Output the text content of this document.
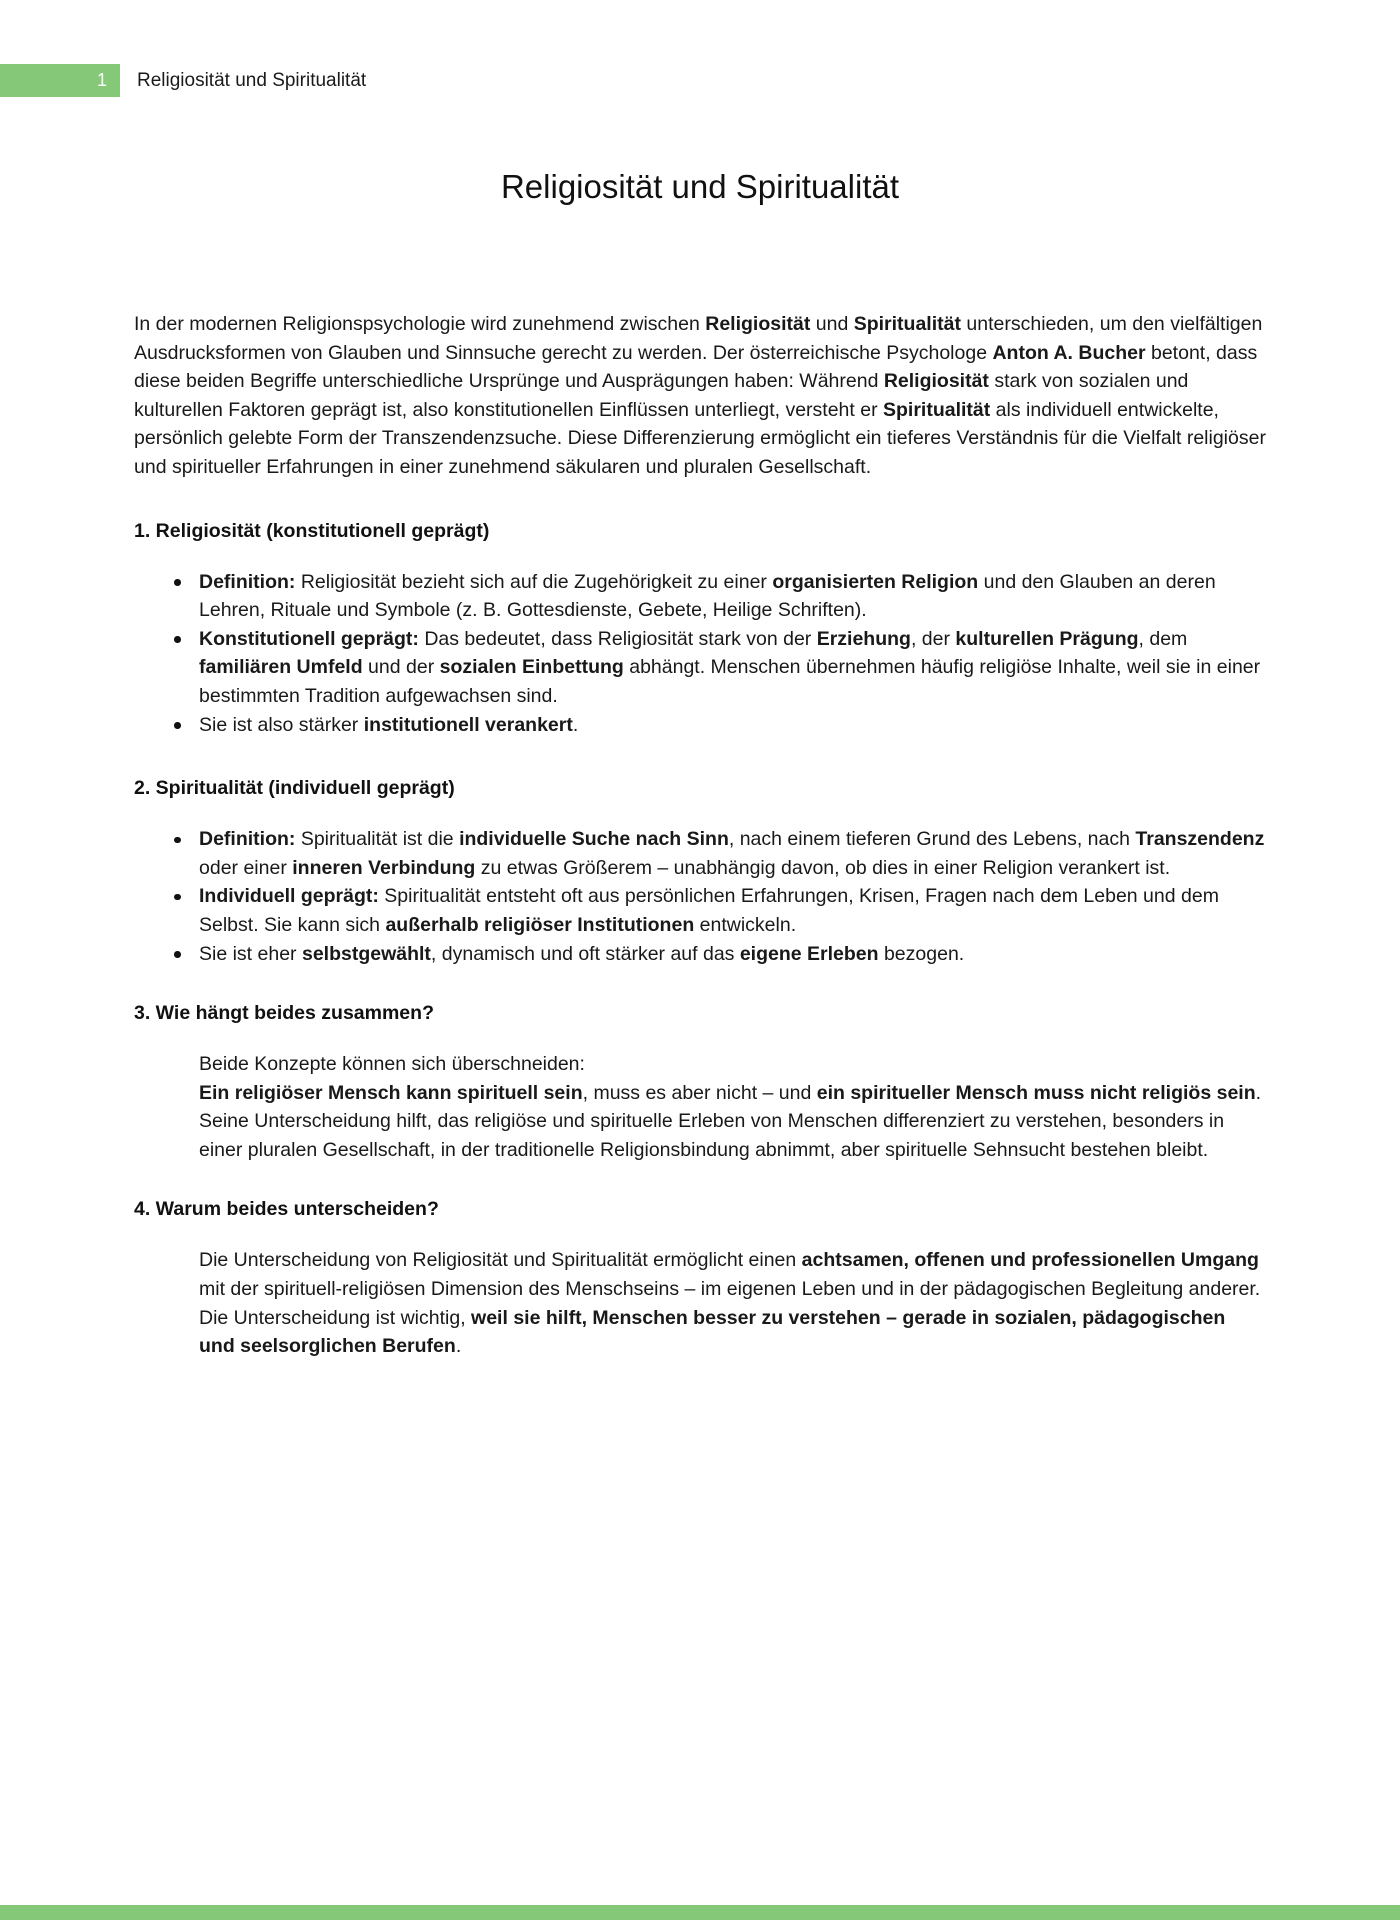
1 Religiosität und Spiritualität
Religiosität und Spiritualität

In der modernen Religionspsychologie wird zunehmend zwischen Religiosität und Spiritualität unterschieden, um den vielfältigen Ausdrucksformen von Glauben und Sinnsuche gerecht zu werden. Der österreichische Psychologe Anton A. Bucher betont, dass diese beiden Begriffe unterschiedliche Ursprünge und Ausprägungen haben: Während Religiosität stark von sozialen und kulturellen Faktoren geprägt ist, also konstitutionellen Einflüssen unterliegt, versteht er Spiritualität als individuell entwickelte, persönlich gelebte Form der Transzendenzsuche. Diese Differenzierung ermöglicht ein tieferes Verständnis für die Vielfalt religiöser und spiritueller Erfahrungen in einer zunehmend säkularen und pluralen Gesellschaft.

1. Religiosität (konstitutionell geprägt)
Definition: Religiosität bezieht sich auf die Zugehörigkeit zu einer organisierten Religion und den Glauben an deren Lehren, Rituale und Symbole (z. B. Gottesdienste, Gebete, Heilige Schriften).
Konstitutionell geprägt: Das bedeutet, dass Religiosität stark von der Erziehung, der kulturellen Prägung, dem familiären Umfeld und der sozialen Einbettung abhängt. Menschen übernehmen häufig religiöse Inhalte, weil sie in einer bestimmten Tradition aufgewachsen sind.
Sie ist also stärker institutionell verankert.
2. Spiritualität (individuell geprägt)
Definition: Spiritualität ist die individuelle Suche nach Sinn, nach einem tieferen Grund des Lebens, nach Transzendenz oder einer inneren Verbindung zu etwas Größerem – unabhängig davon, ob dies in einer Religion verankert ist.
Individuell geprägt: Spiritualität entsteht oft aus persönlichen Erfahrungen, Krisen, Fragen nach dem Leben und dem Selbst. Sie kann sich außerhalb religiöser Institutionen entwickeln.
Sie ist eher selbstgewählt, dynamisch und oft stärker auf das eigene Erleben bezogen.
3. Wie hängt beides zusammen?

Beide Konzepte können sich überschneiden:
Ein religiöser Mensch kann spirituell sein, muss es aber nicht – und ein spiritueller Mensch muss nicht religiös sein. Seine Unterscheidung hilft, das religiöse und spirituelle Erleben von Menschen differenziert zu verstehen, besonders in einer pluralen Gesellschaft, in der traditionelle Religionsbindung abnimmt, aber spirituelle Sehnsucht bestehen bleibt.

4. Warum beides unterscheiden?

Die Unterscheidung von Religiosität und Spiritualität ermöglicht einen achtsamen, offenen und professionellen Umgang mit der spirituell-religiösen Dimension des Menschseins – im eigenen Leben und in der pädagogischen Begleitung anderer. Die Unterscheidung ist wichtig, weil sie hilft, Menschen besser zu verstehen – gerade in sozialen, pädagogischen und seelsorglichen Berufen.
